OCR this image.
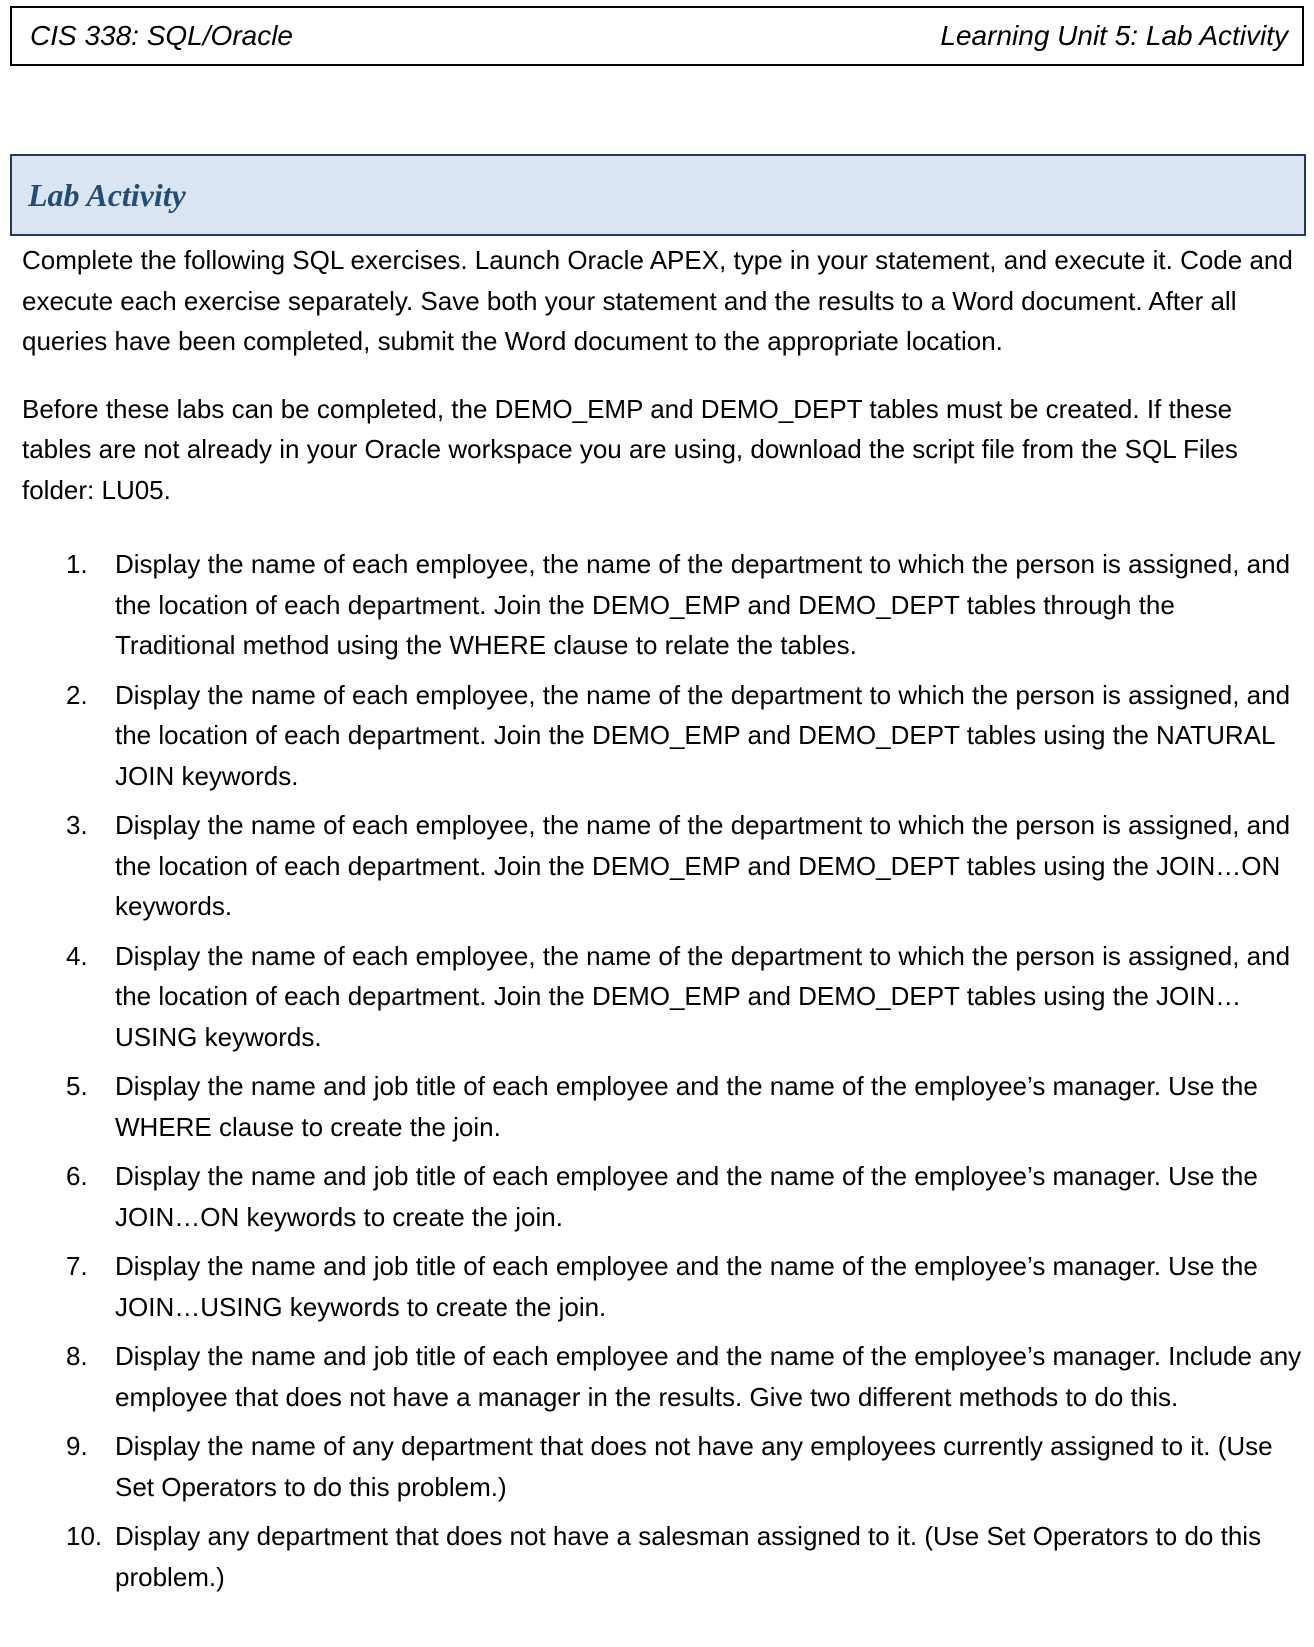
CIS 338: SQL/Oracle	Learning Unit 5: Lab Activity
Lab Activity

Complete the following SQL exercises. Launch Oracle APEX, type in your statement, and execute it. Code and execute each exercise separately. Save both your statement and the results to a Word document. After all queries have been completed, submit the Word document to the appropriate location.

Before these labs can be completed, the DEMO_EMP and DEMO_DEPT tables must be created. If these tables are not already in your Oracle workspace you are using, download the script file from the SQL Files folder: LU05.

1. Display the name of each employee, the name of the department to which the person is assigned, and the location of each department. Join the DEMO_EMP and DEMO_DEPT tables through the Traditional method using the WHERE clause to relate the tables.
2. Display the name of each employee, the name of the department to which the person is assigned, and the location of each department. Join the DEMO_EMP and DEMO_DEPT tables using the NATURAL JOIN keywords.
3. Display the name of each employee, the name of the department to which the person is assigned, and the location of each department. Join the DEMO_EMP and DEMO_DEPT tables using the JOIN…ON keywords.
4. Display the name of each employee, the name of the department to which the person is assigned, and the location of each department. Join the DEMO_EMP and DEMO_DEPT tables using the JOIN…USING keywords.
5. Display the name and job title of each employee and the name of the employee’s manager. Use the WHERE clause to create the join.
6. Display the name and job title of each employee and the name of the employee’s manager. Use the JOIN…ON keywords to create the join.
7. Display the name and job title of each employee and the name of the employee’s manager. Use the JOIN…USING keywords to create the join.
8. Display the name and job title of each employee and the name of the employee’s manager. Include any employee that does not have a manager in the results. Give two different methods to do this.
9. Display the name of any department that does not have any employees currently assigned to it. (Use Set Operators to do this problem.)
10. Display any department that does not have a salesman assigned to it. (Use Set Operators to do this problem.)
